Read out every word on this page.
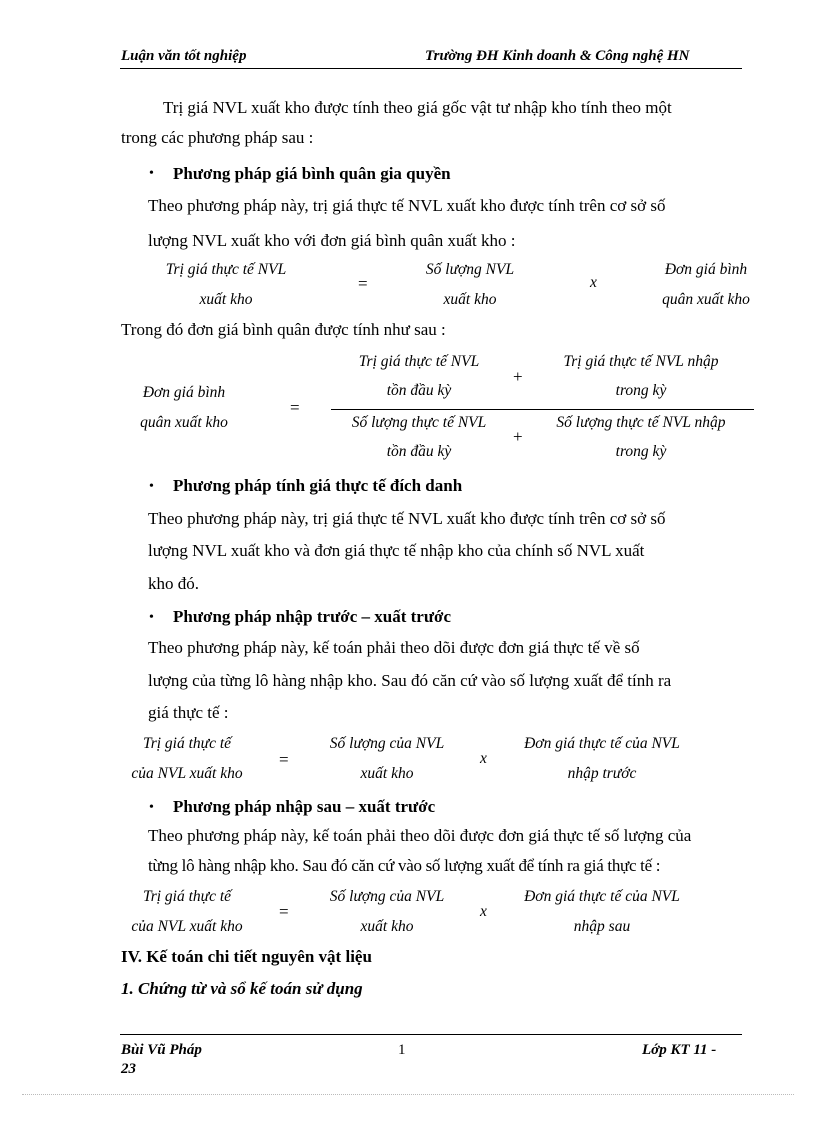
Luận văn tốt nghiệp	Trường ĐH Kinh doanh & Công nghệ HN
Trị giá NVL xuất kho được tính theo giá gốc vật tư nhập kho tính theo một
trong các phương pháp sau :
• Phương pháp giá bình quân gia quyền
Theo phương pháp này, trị giá thực tế NVL xuất kho được tính trên cơ sở số
lượng NVL xuất kho với đơn giá bình quân xuất kho :
Trị giá thực tế NVL
xuất kho
=
Số lượng NVL
xuất kho
x
Đơn giá bình
quân xuất kho
Trong đó đơn giá bình quân được tính như sau :
Đơn giá bình
quân xuất kho
=
Trị giá thực tế NVL
tồn đầu kỳ
+
Trị giá thực tế NVL nhập
trong kỳ
Số lượng thực tế NVL
tồn đầu kỳ
+
Số lượng thực tế NVL nhập
trong kỳ
• Phương pháp tính giá thực tế đích danh
Theo phương pháp này, trị giá thực tế NVL xuất kho được tính trên cơ sở số
lượng NVL xuất kho và đơn giá thực tế nhập kho của chính số NVL xuất
kho đó.
• Phương pháp nhập trước – xuất trước
Theo phương pháp này, kế toán phải theo dõi được đơn giá thực tế về số
lượng của từng lô hàng nhập kho. Sau đó căn cứ vào số lượng xuất để tính ra
giá thực tế :
Trị giá thực tế
của NVL xuất kho
=
Số lượng của NVL
xuất kho
x
Đơn giá thực tế của NVL
nhập trước
• Phương pháp nhập sau – xuất trước
Theo phương pháp này, kế toán phải theo dõi được đơn giá thực tế số lượng của
từng lô hàng nhập kho. Sau đó căn cứ vào số lượng xuất để tính ra giá thực tế :
Trị giá thực tế
của NVL xuất kho
=
Số lượng của NVL
xuất kho
x
Đơn giá thực tế của NVL
nhập sau
IV. Kế toán chi tiết nguyên vật liệu
1. Chứng từ và sổ kế toán sử dụng
Bùi Vũ Pháp
23
1	Lớp KT 11 -
